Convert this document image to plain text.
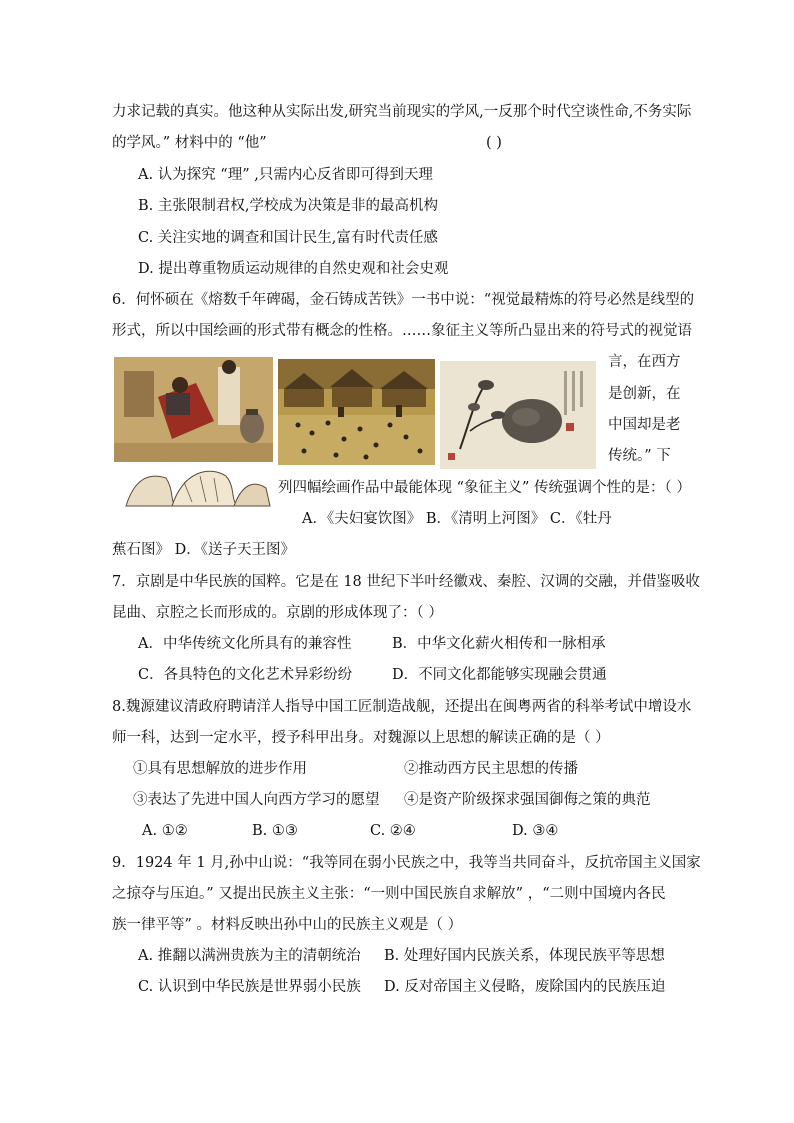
力求记载的真实。他这种从实际出发,研究当前现实的学风,一反那个时代空谈性命,不务实际
的学风。” 材料中的 “他”	( )
A. 认为探究 “理” ,只需内心反省即可得到天理
B. 主张限制君权,学校成为决策是非的最高机构
C. 关注实地的调查和国计民生,富有时代责任感
D. 提出尊重物质运动规律的自然史观和社会史观
6．何怀硕在《熔数千年碑碣，金石铸成苦铁》一书中说：“视觉最精炼的符号必然是线型的
形式，所以中国绘画的形式带有概念的性格。……象征主义等所凸显出来的符号式的视觉语
言，在西方
是创新，在
中国却是老
传统。” 下
列四幅绘画作品中最能体现 “象征主义” 传统强调个性的是：（ ）
A．《夫妇宴饮图》 B．《清明上河图》 C．《牡丹
蕉石图》 D．《送子天王图》
7．京剧是中华民族的国粹。它是在 18 世纪下半叶经徽戏、秦腔、汉调的交融，并借鉴吸收
昆曲、京腔之长而形成的。京剧的形成体现了：（ ）
A．中华传统文化所具有的兼容性	B．中华文化薪火相传和一脉相承
C．各具特色的文化艺术异彩纷纷	D．不同文化都能够实现融会贯通
8.魏源建议清政府聘请洋人指导中国工匠制造战舰，还提出在闽粤两省的科举考试中增设水
师一科，达到一定水平，授予科甲出身。对魏源以上思想的解读正确的是（ ）
①具有思想解放的进步作用	②推动西方民主思想的传播
③表达了先进中国人向西方学习的愿望 ④是资产阶级探求强国御侮之策的典范
A. ①②	B. ①③	C. ②④	D. ③④
9．1924 年 1 月,孙中山说：“我等同在弱小民族之中，我等当共同奋斗，反抗帝国主义国家
之掠夺与压迫。” 又提出民族主义主张：“一则中国民族自求解放” ，“二则中国境内各民
族一律平等” 。材料反映出孙中山的民族主义观是（ ）
A. 推翻以满洲贵族为主的清朝统治 B. 处理好国内民族关系，体现民族平等思想
C. 认识到中华民族是世界弱小民族 D. 反对帝国主义侵略，废除国内的民族压迫
